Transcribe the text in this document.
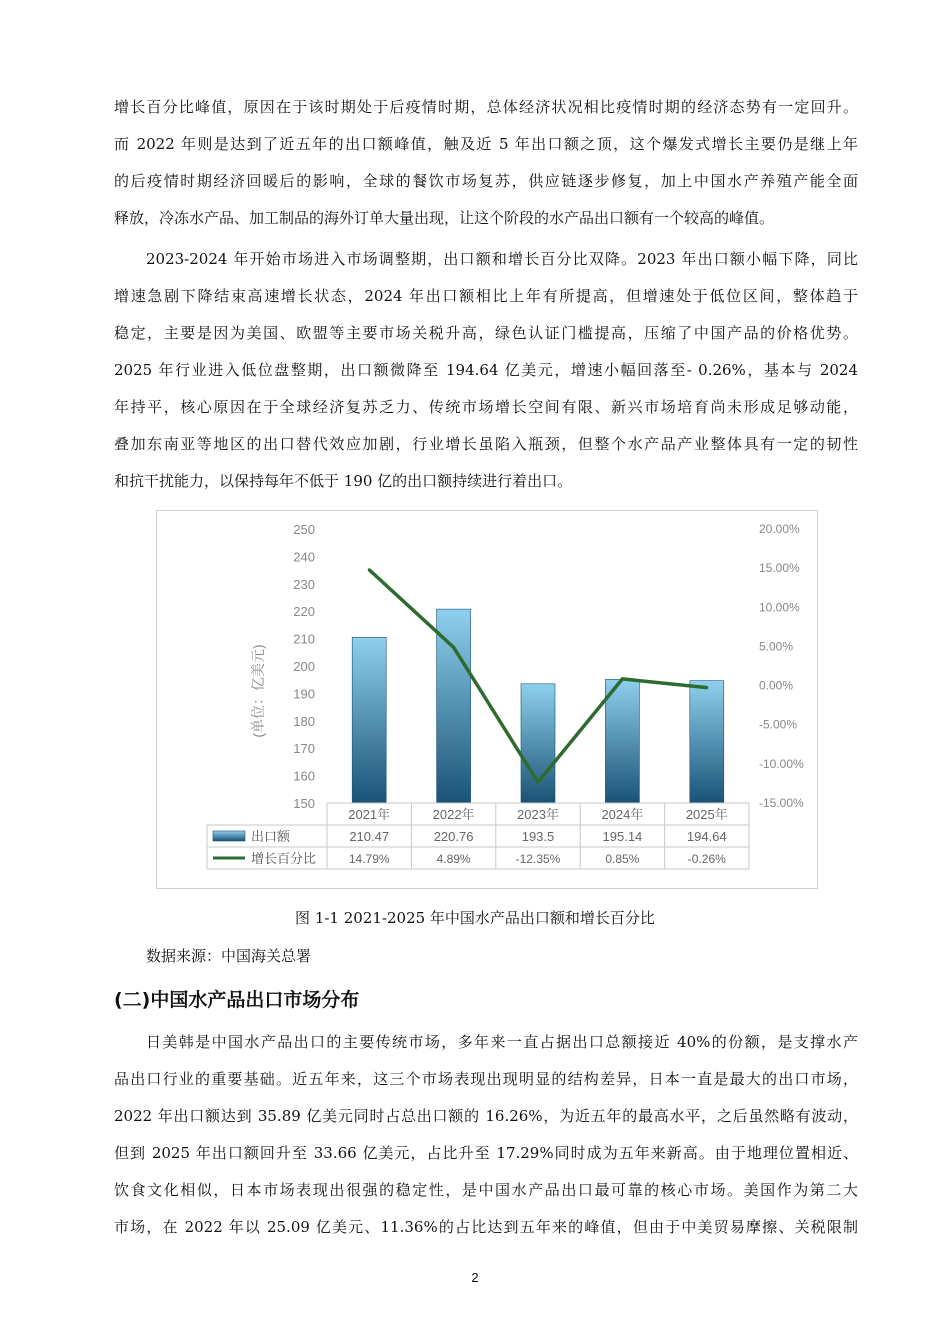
增长百分比峰值，原因在于该时期处于后疫情时期，总体经济状况相比疫情时期的经济态势有一定回升。
而 2022 年则是达到了近五年的出口额峰值，触及近 5 年出口额之顶，这个爆发式增长主要仍是继上年
的后疫情时期经济回暖后的影响，全球的餐饮市场复苏，供应链逐步修复，加上中国水产养殖产能全面
释放，冷冻水产品、加工制品的海外订单大量出现，让这个阶段的水产品出口额有一个较高的峰值。

2023-2024 年开始市场进入市场调整期，出口额和增长百分比双降。2023 年出口额小幅下降，同比
增速急剧下降结束高速增长状态，2024 年出口额相比上年有所提高，但增速处于低位区间，整体趋于
稳定，主要是因为美国、欧盟等主要市场关税升高，绿色认证门槛提高，压缩了中国产品的价格优势。
2025 年行业进入低位盘整期，出口额微降至 194.64 亿美元，增速小幅回落至- 0.26%，基本与 2024
年持平，核心原因在于全球经济复苏乏力、传统市场增长空间有限、新兴市场培育尚未形成足够动能，
叠加东南亚等地区的出口替代效应加剧，行业增长虽陷入瓶颈，但整个水产品产业整体具有一定的韧性
和抗干扰能力，以保持每年不低于 190 亿的出口额持续进行着出口。

150
160
170
180
190
200
210
220
230
240
250
-15.00%
-10.00%
-5.00%
0.00%
5.00%
10.00%
15.00%
20.00%
2021年	2022年	2023年	2024年	2025年
出口额	210.47	220.76	193.5	195.14	194.64
增长百分比	14.79%	4.89%	-12.35%	0.85%	-0.26%
(单位：亿美元)
图 1-1 2021-2025 年中国水产品出口额和增长百分比
数据来源：中国海关总署
(二)中国水产品出口市场分布

日美韩是中国水产品出口的主要传统市场，多年来一直占据出口总额接近 40%的份额，是支撑水产
品出口行业的重要基础。近五年来，这三个市场表现出现明显的结构差异，日本一直是最大的出口市场，
2022 年出口额达到 35.89 亿美元同时占总出口额的 16.26%，为近五年的最高水平，之后虽然略有波动，
但到 2025 年出口额回升至 33.66 亿美元，占比升至 17.29%同时成为五年来新高。由于地理位置相近、
饮食文化相似，日本市场表现出很强的稳定性，是中国水产品出口最可靠的核心市场。美国作为第二大
市场，在 2022 年以 25.09 亿美元、11.36%的占比达到五年来的峰值，但由于中美贸易摩擦、关税限制

2
